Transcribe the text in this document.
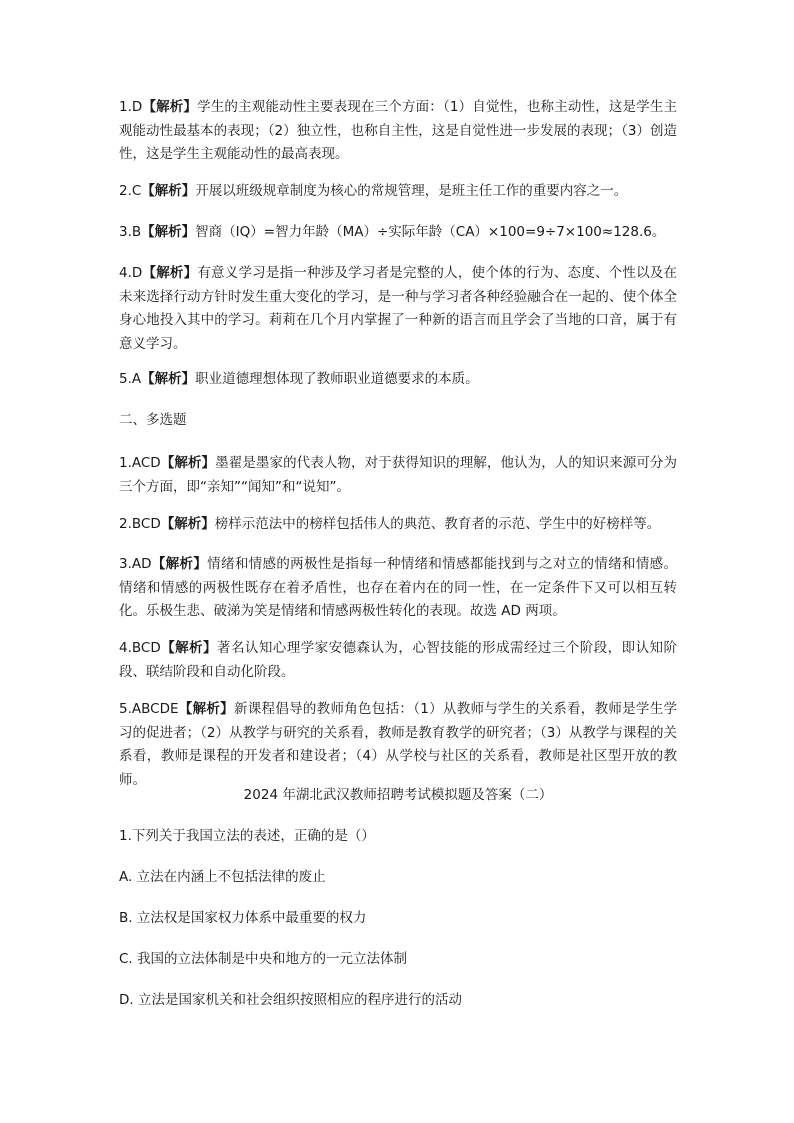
1.D【解析】学生的主观能动性主要表现在三个方面：（1）自觉性，也称主动性，这是学生主观能动性最基本的表现；（2）独立性，也称自主性，这是自觉性进一步发展的表现；（3）创造性，这是学生主观能动性的最高表现。

2.C【解析】开展以班级规章制度为核心的常规管理，是班主任工作的重要内容之一。

3.B【解析】智商（IQ）=智力年龄（MA）÷实际年龄（CA）×100=9÷7×100≈128.6。

4.D【解析】有意义学习是指一种涉及学习者是完整的人，使个体的行为、态度、个性以及在未来选择行动方针时发生重大变化的学习，是一种与学习者各种经验融合在一起的、使个体全身心地投入其中的学习。莉莉在几个月内掌握了一种新的语言而且学会了当地的口音，属于有意义学习。

5.A【解析】职业道德理想体现了教师职业道德要求的本质。

二、多选题

1.ACD【解析】墨翟是墨家的代表人物，对于获得知识的理解，他认为，人的知识来源可分为三个方面，即“亲知”“闻知”和“说知”。

2.BCD【解析】榜样示范法中的榜样包括伟人的典范、教育者的示范、学生中的好榜样等。

3.AD【解析】情绪和情感的两极性是指每一种情绪和情感都能找到与之对立的情绪和情感。情绪和情感的两极性既存在着矛盾性，也存在着内在的同一性，在一定条件下又可以相互转化。乐极生悲、破涕为笑是情绪和情感两极性转化的表现。故选 AD 两项。

4.BCD【解析】著名认知心理学家安德森认为，心智技能的形成需经过三个阶段，即认知阶段、联结阶段和自动化阶段。

5.ABCDE【解析】新课程倡导的教师角色包括：（1）从教师与学生的关系看，教师是学生学习的促进者；（2）从教学与研究的关系看，教师是教育教学的研究者；（3）从教学与课程的关系看，教师是课程的开发者和建设者；（4）从学校与社区的关系看，教师是社区型开放的教师。

2024 年湖北武汉教师招聘考试模拟题及答案（二）

1.下列关于我国立法的表述，正确的是（）

A. 立法在内涵上不包括法律的废止

B. 立法权是国家权力体系中最重要的权力

C. 我国的立法体制是中央和地方的一元立法体制

D. 立法是国家机关和社会组织按照相应的程序进行的活动
